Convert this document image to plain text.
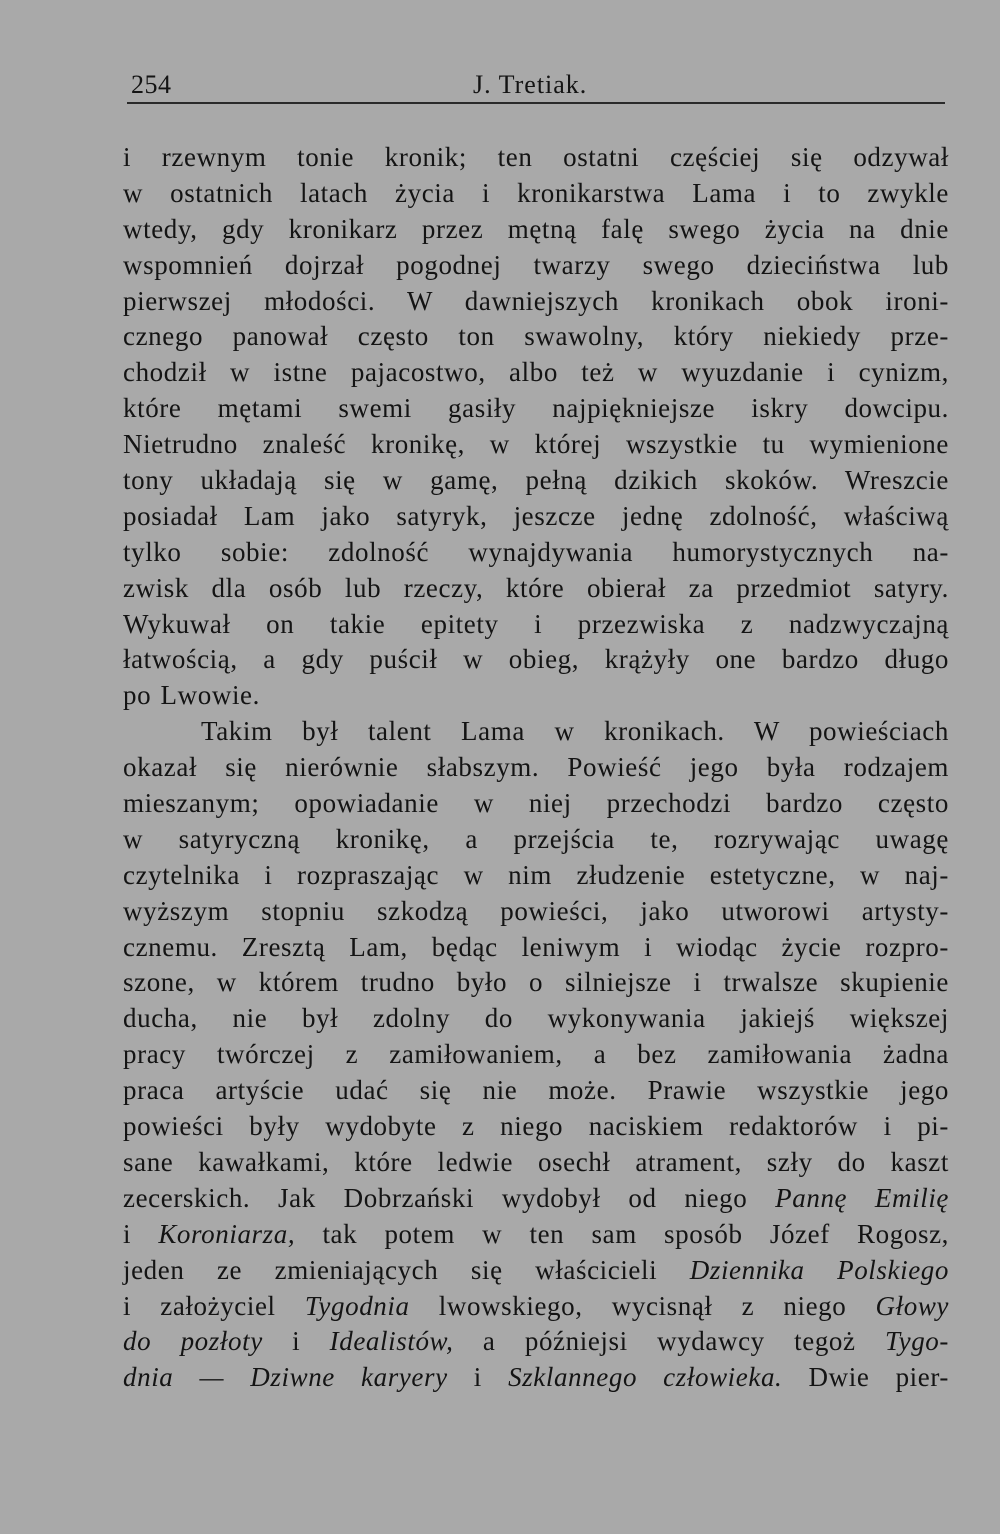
254	J. Tretiak.
i rzewnym tonie kronik; ten ostatni częściej się odzywał
w ostatnich latach życia i kronikarstwa Lama i to zwykle
wtedy, gdy kronikarz przez mętną falę swego życia na dnie
wspomnień dojrzał pogodnej twarzy swego dzieciństwa lub
pierwszej młodości. W dawniejszych kronikach obok ironi-
cznego panował często ton swawolny, który niekiedy prze-
chodził w istne pajacostwo, albo też w wyuzdanie i cynizm,
które mętami swemi gasiły najpiękniejsze iskry dowcipu.
Nietrudno znaleść kronikę, w której wszystkie tu wymienione
tony układają się w gamę, pełną dzikich skoków. Wreszcie
posiadał Lam jako satyryk, jeszcze jednę zdolność, właściwą
tylko sobie: zdolność wynajdywania humorystycznych na-
zwisk dla osób lub rzeczy, które obierał za przedmiot satyry.
Wykuwał on takie epitety i przezwiska z nadzwyczajną
łatwością, a gdy puścił w obieg, krążyły one bardzo długo
po Lwowie.
Takim był talent Lama w kronikach. W powieściach
okazał się nierównie słabszym. Powieść jego była rodzajem
mieszanym; opowiadanie w niej przechodzi bardzo często
w satyryczną kronikę, a przejścia te, rozrywając uwagę
czytelnika i rozpraszając w nim złudzenie estetyczne, w naj-
wyższym stopniu szkodzą powieści, jako utworowi artysty-
cznemu. Zresztą Lam, będąc leniwym i wiodąc życie rozpro-
szone, w którem trudno było o silniejsze i trwalsze skupienie
ducha, nie był zdolny do wykonywania jakiejś większej
pracy twórczej z zamiłowaniem, a bez zamiłowania żadna
praca artyście udać się nie może. Prawie wszystkie jego
powieści były wydobyte z niego naciskiem redaktorów i pi-
sane kawałkami, które ledwie osechł atrament, szły do kaszt
zecerskich. Jak Dobrzański wydobył od niego Pannę Emilię
i Koroniarza, tak potem w ten sam sposób Józef Rogosz,
jeden ze zmieniających się właścicieli Dziennika Polskiego
i założyciel Tygodnia lwowskiego, wycisnął z niego Głowy
do pozłoty i Idealistów, a późniejsi wydawcy tegoż Tygo-
dnia — Dziwne karyery i Szklannego człowieka. Dwie pier-
